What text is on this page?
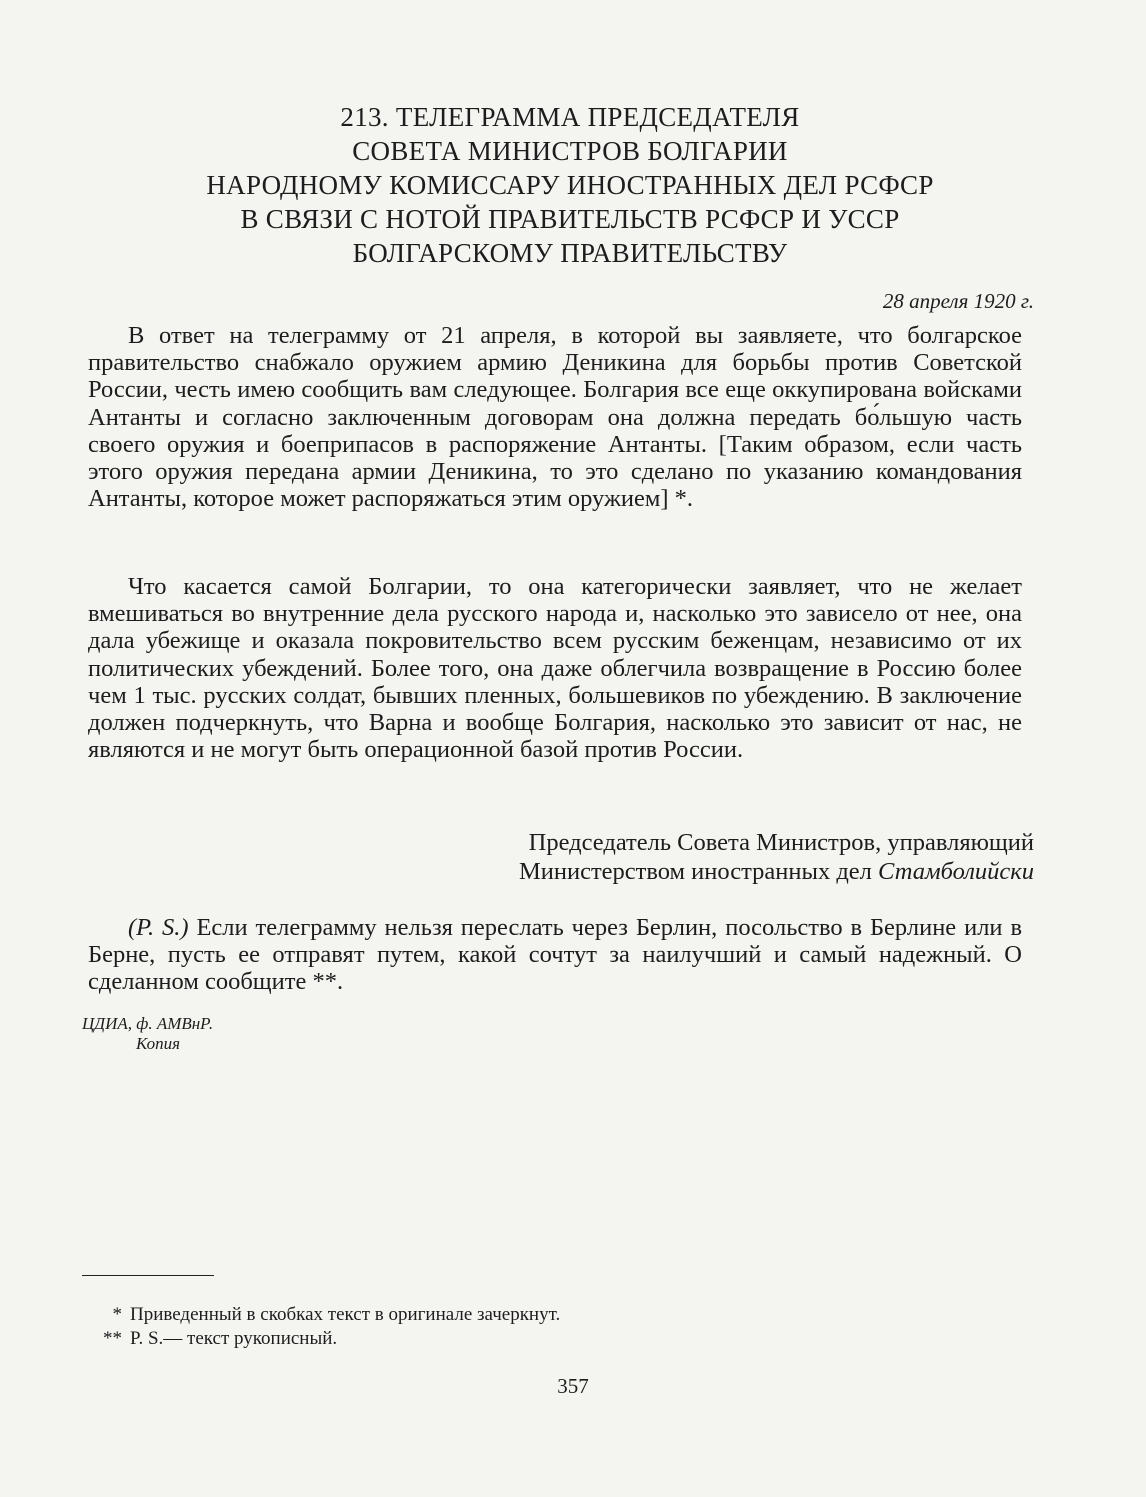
213. ТЕЛЕГРАММА ПРЕДСЕДАТЕЛЯ
СОВЕТА МИНИСТРОВ БОЛГАРИИ
НАРОДНОМУ КОМИССАРУ ИНОСТРАННЫХ ДЕЛ РСФСР
В СВЯЗИ С НОТОЙ ПРАВИТЕЛЬСТВ РСФСР И УССР
БОЛГАРСКОМУ ПРАВИТЕЛЬСТВУ
28 апреля 1920 г.

В ответ на телеграмму от 21 апреля, в которой вы заявляете, что болгарское правительство снабжало оружием армию Деникина для борьбы против Советской России, честь имею сообщить вам следующее. Болгария все еще оккупирована войсками Антанты и согласно заключенным договорам она должна передать бо́льшую часть своего оружия и боеприпасов в распоряжение Антанты. [Таким образом, если часть этого оружия передана армии Деникина, то это сделано по указанию командования Антанты, которое может распоряжаться этим оружием] *.

Что касается самой Болгарии, то она категорически заявляет, что не желает вмешиваться во внутренние дела русского народа и, насколько это зависело от нее, она дала убежище и оказала покровительство всем русским беженцам, независимо от их политических убеждений. Более того, она даже облегчила возвращение в Россию более чем 1 тыс. русских солдат, бывших пленных, большевиков по убеждению. В заключение должен подчеркнуть, что Варна и вообще Болгария, насколько это зависит от нас, не являются и не могут быть операционной базой против России.

Председатель Совета Министров, управляющий
Министерством иностранных дел Стамболийски

(P. S.) Если телеграмму нельзя переслать через Берлин, посольство в Берлине или в Берне, пусть ее отправят путем, какой сочтут за наилучший и самый надежный. О сделанном сообщите **.

ЦДИА, ф. АМВнР.
Копия
* Приведенный в скобках текст в оригинале зачеркнут.
** P. S.— текст рукописный.
357
